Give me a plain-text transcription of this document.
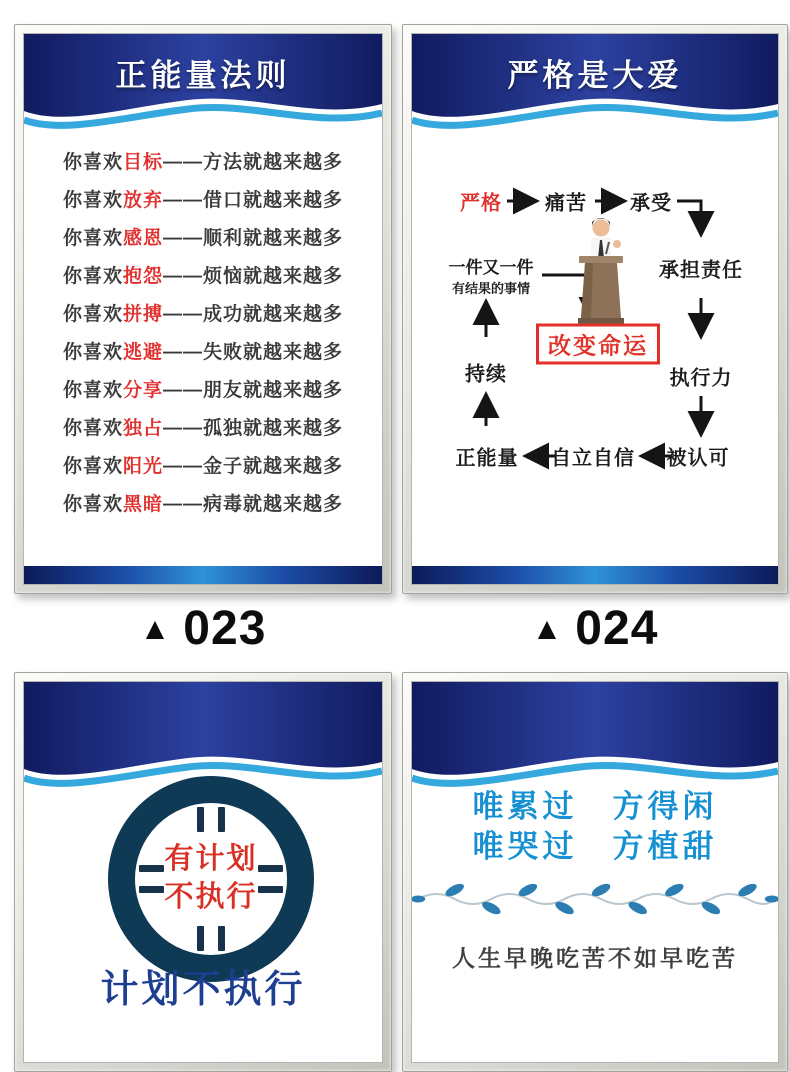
正能量法则
你喜欢 目标 ——方法就越来越多
你喜欢 放弃 ——借口就越来越多
你喜欢 感恩 ——顺利就越来越多
你喜欢 抱怨 ——烦恼就越来越多
你喜欢 拼搏 ——成功就越来越多
你喜欢 逃避 ——失败就越来越多
你喜欢 分享 ——朋友就越来越多
你喜欢 独占 ——孤独就越来越多
你喜欢 阳光 ——金子就越来越多
你喜欢 黑暗 ——病毒就越来越多
严格是大爱
严格 痛苦 承受
承担责任
一件又一件
有结果的事情
改变命运
持续	执行力
正能量 自立自信 被认可
▲ 023	▲ 024
有计划
不执行
计划不执行
唯累过　方得闲
唯哭过　方植甜
人生早晚吃苦不如早吃苦
